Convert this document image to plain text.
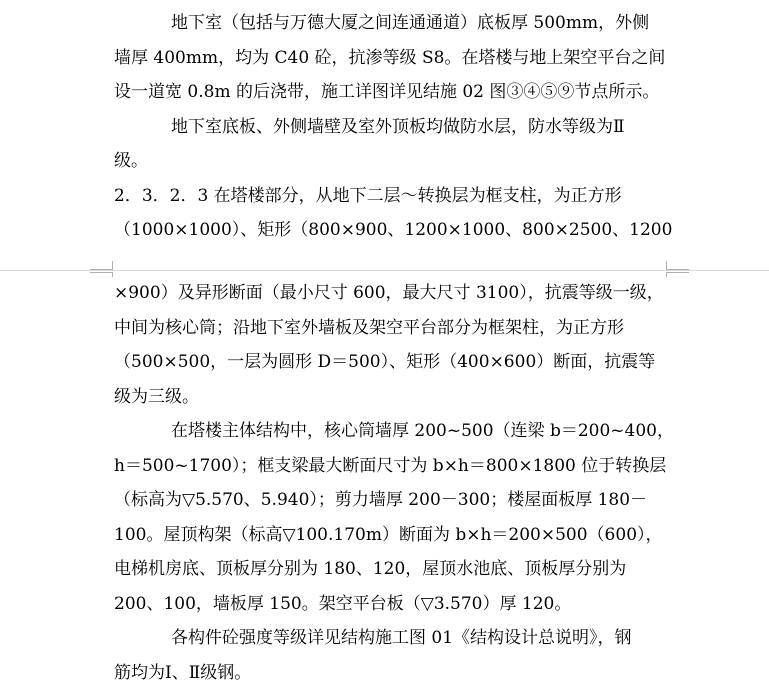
地下室（包括与万德大厦之间连通通道）底板厚 500mm，外侧
墙厚 400mm，均为 C40 砼，抗渗等级 S8。在塔楼与地上架空平台之间
设一道宽 0.8m 的后浇带，施工详图详见结施 02 图③④⑤⑨节点所示。
地下室底板、外侧墙壁及室外顶板均做防水层，防水等级为Ⅱ
级。
2．3．2．3 在塔楼部分，从地下二层～转换层为框支柱，为正方形
（1000×1000）、矩形（800×900、1200×1000、800×2500、1200
×900）及异形断面（最小尺寸 600，最大尺寸 3100），抗震等级一级，
中间为核心筒；沿地下室外墙板及架空平台部分为框架柱，为正方形
（500×500，一层为圆形 D＝500）、矩形（400×600）断面，抗震等
级为三级。
在塔楼主体结构中，核心筒墙厚 200~500（连梁 b＝200~400，
h＝500~1700）；框支梁最大断面尺寸为 b×h＝800×1800 位于转换层
（标高为▽5.570、5.940）；剪力墙厚 200－300；楼屋面板厚 180－
100。屋顶构架（标高▽100.170m）断面为 b×h＝200×500（600），
电梯机房底、顶板厚分别为 180、120，屋顶水池底、顶板厚分别为
200、100，墙板厚 150。架空平台板（▽3.570）厚 120。
各构件砼强度等级详见结构施工图 01《结构设计总说明》，钢
筋均为Ⅰ、Ⅱ级钢。
